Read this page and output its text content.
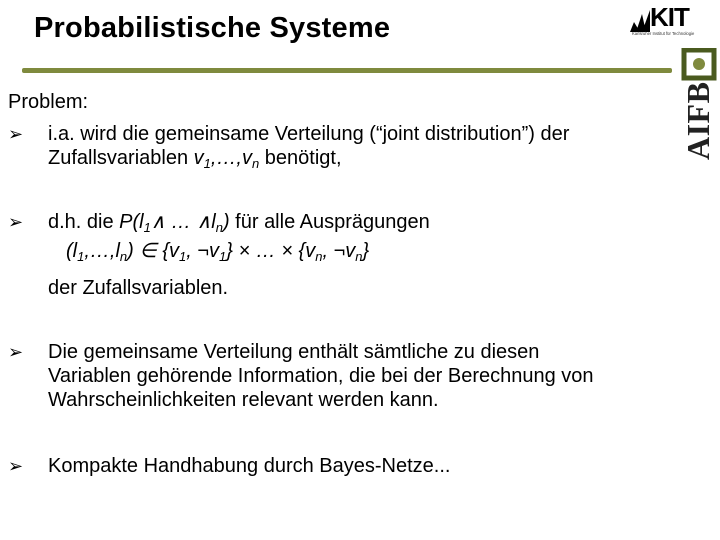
Probabilistische Systeme	KIT
Karlsruher Institut für Technologie
AIFB
Problem:
➢ i.a. wird die gemeinsame Verteilung (“joint distribution”) der
Zufallsvariablen $v_1,\dots,v_n$ benötigt,
➢ d.h. die $P(l_1\wedge$ … $\wedge l_n$) für alle Ausprägungen
$(l_1,\dots,l_n)$ ∈ {$v_1$, $\neg v_1$} × … × {$v_n$, $\neg v_n$}
der Zufallsvariablen.
➢ Die gemeinsame Verteilung enthält sämtliche zu diesen
Variablen gehörende Information, die bei der Berechnung von
Wahrscheinlichkeiten relevant werden kann.
➢ Kompakte Handhabung durch Bayes-Netze...
